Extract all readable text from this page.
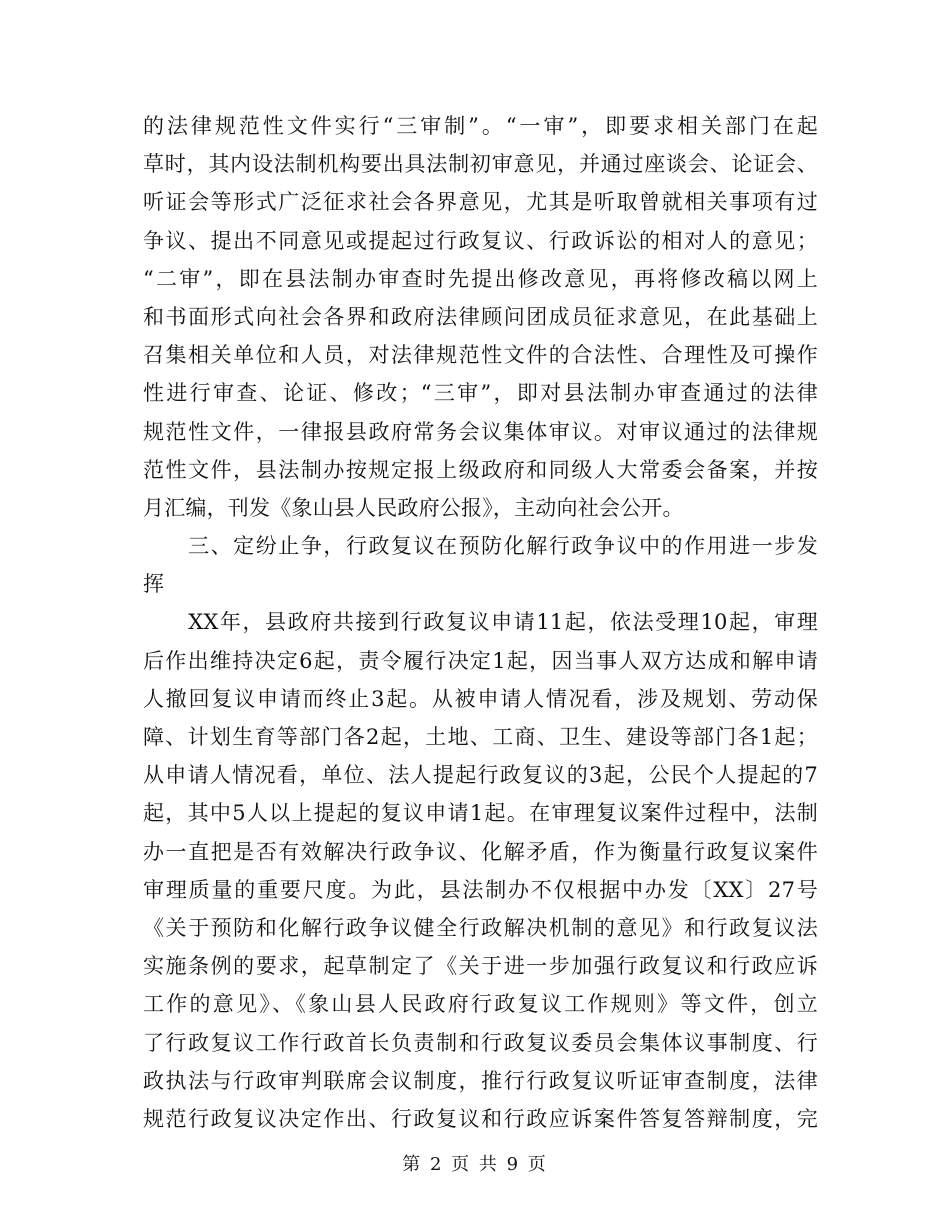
的法律规范性文件实行“三审制”。“一审”，即要求相关部门在起
草时，其内设法制机构要出具法制初审意见，并通过座谈会、论证会、
听证会等形式广泛征求社会各界意见，尤其是听取曾就相关事项有过
争议、提出不同意见或提起过行政复议、行政诉讼的相对人的意见；
“二审”，即在县法制办审查时先提出修改意见，再将修改稿以网上
和书面形式向社会各界和政府法律顾问团成员征求意见，在此基础上
召集相关单位和人员，对法律规范性文件的合法性、合理性及可操作
性进行审查、论证、修改；“三审”，即对县法制办审查通过的法律
规范性文件，一律报县政府常务会议集体审议。对审议通过的法律规
范性文件，县法制办按规定报上级政府和同级人大常委会备案，并按
月汇编，刊发《象山县人民政府公报》，主动向社会公开。
　　三、定纷止争，行政复议在预防化解行政争议中的作用进一步发
挥
　　XX年，县政府共接到行政复议申请11起，依法受理10起，审理
后作出维持决定6起，责令履行决定1起，因当事人双方达成和解申请
人撤回复议申请而终止3起。从被申请人情况看，涉及规划、劳动保
障、计划生育等部门各2起，土地、工商、卫生、建设等部门各1起；
从申请人情况看，单位、法人提起行政复议的3起，公民个人提起的7
起，其中5人以上提起的复议申请1起。在审理复议案件过程中，法制
办一直把是否有效解决行政争议、化解矛盾，作为衡量行政复议案件
审理质量的重要尺度。为此，县法制办不仅根据中办发〔XX〕27号
《关于预防和化解行政争议健全行政解决机制的意见》和行政复议法
实施条例的要求，起草制定了《关于进一步加强行政复议和行政应诉
工作的意见》、《象山县人民政府行政复议工作规则》等文件，创立
了行政复议工作行政首长负责制和行政复议委员会集体议事制度、行
政执法与行政审判联席会议制度，推行行政复议听证审查制度，法律
规范行政复议决定作出、行政复议和行政应诉案件答复答辩制度，完
第 2 页 共 9 页
